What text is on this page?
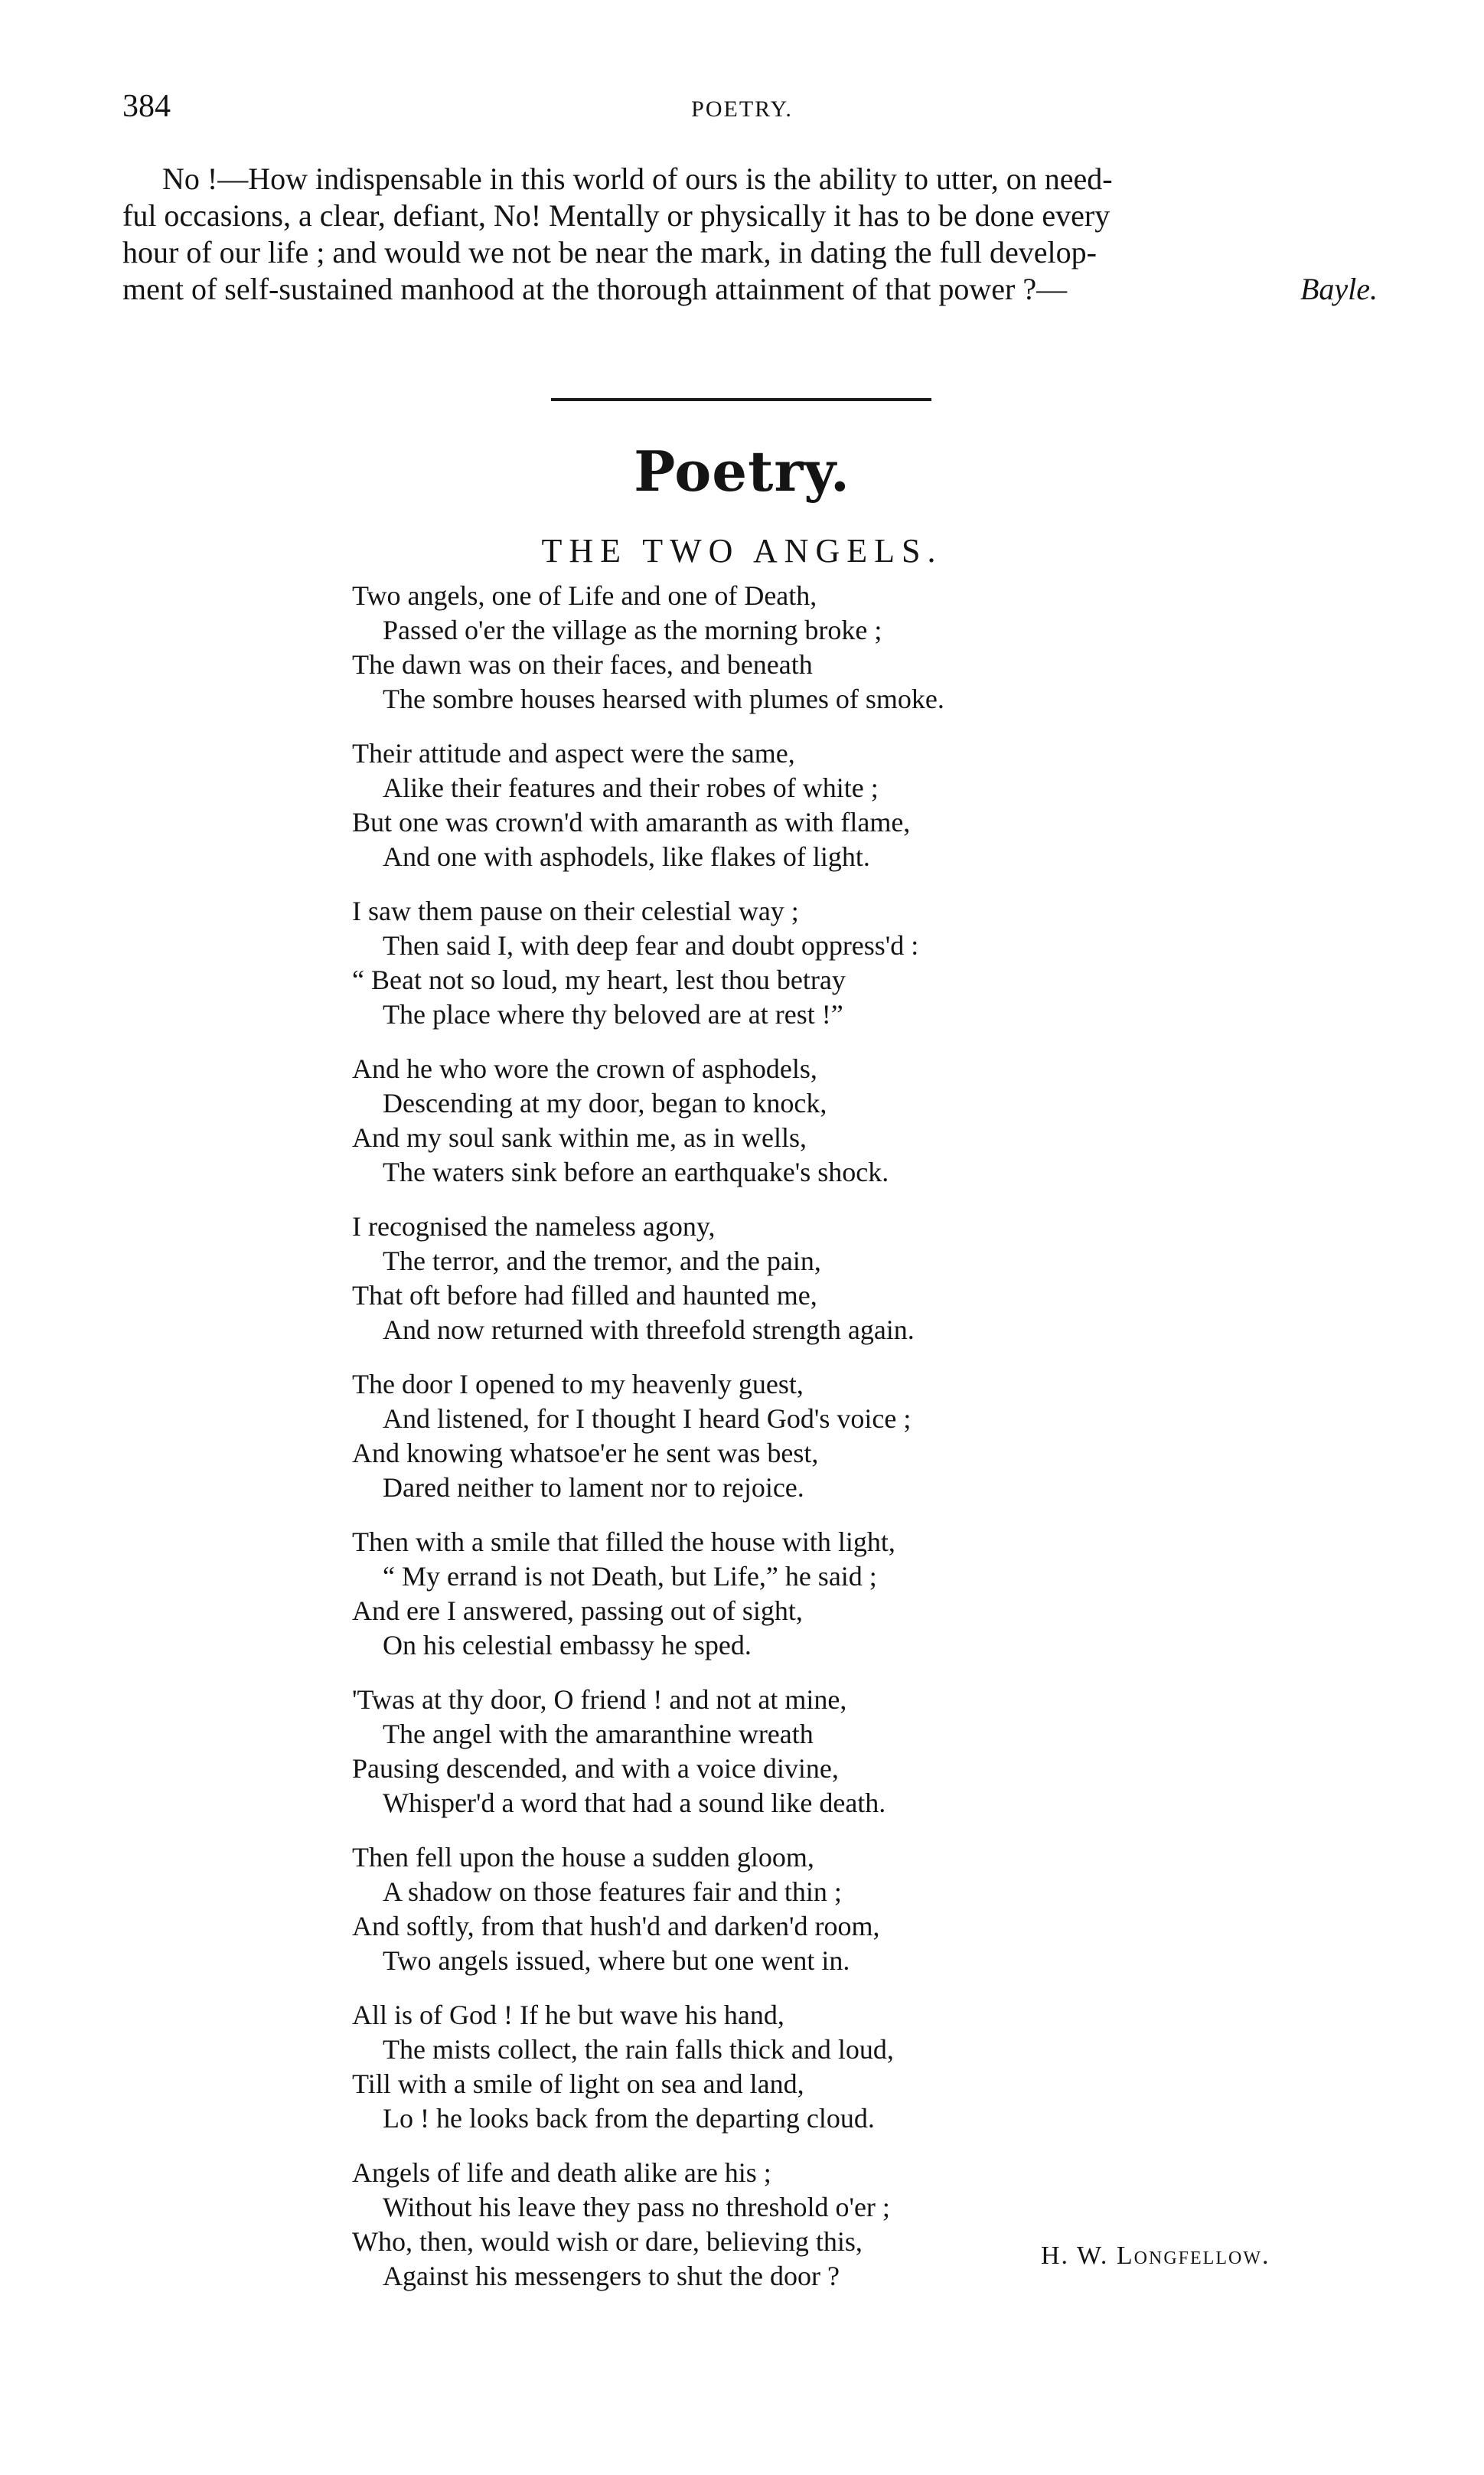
384	POETRY.
No !—How indispensable in this world of ours is the ability to utter, on need-
ful occasions, a clear, defiant, No! Mentally or physically it has to be done every
hour of our life ; and would we not be near the mark, in dating the full develop-
ment of self-sustained manhood at the thorough attainment of that power ?—	Bayle.
Poetry.
THE TWO ANGELS.
Two angels, one of Life and one of Death,
Passed o'er the village as the morning broke ;
The dawn was on their faces, and beneath
The sombre houses hearsed with plumes of smoke.
Their attitude and aspect were the same,
Alike their features and their robes of white ;
But one was crown'd with amaranth as with flame,
And one with asphodels, like flakes of light.
I saw them pause on their celestial way ;
Then said I, with deep fear and doubt oppress'd :
“ Beat not so loud, my heart, lest thou betray
The place where thy beloved are at rest !”
And he who wore the crown of asphodels,
Descending at my door, began to knock,
And my soul sank within me, as in wells,
The waters sink before an earthquake's shock.
I recognised the nameless agony,
The terror, and the tremor, and the pain,
That oft before had filled and haunted me,
And now returned with threefold strength again.
The door I opened to my heavenly guest,
And listened, for I thought I heard God's voice ;
And knowing whatsoe'er he sent was best,
Dared neither to lament nor to rejoice.
Then with a smile that filled the house with light,
“ My errand is not Death, but Life,” he said ;
And ere I answered, passing out of sight,
On his celestial embassy he sped.
'Twas at thy door, O friend ! and not at mine,
The angel with the amaranthine wreath
Pausing descended, and with a voice divine,
Whisper'd a word that had a sound like death.
Then fell upon the house a sudden gloom,
A shadow on those features fair and thin ;
And softly, from that hush'd and darken'd room,
Two angels issued, where but one went in.
All is of God ! If he but wave his hand,
The mists collect, the rain falls thick and loud,
Till with a smile of light on sea and land,
Lo ! he looks back from the departing cloud.
Angels of life and death alike are his ;
Without his leave they pass no threshold o'er ;
Who, then, would wish or dare, believing this,
Against his messengers to shut the door ?
H. W. Longfellow.
